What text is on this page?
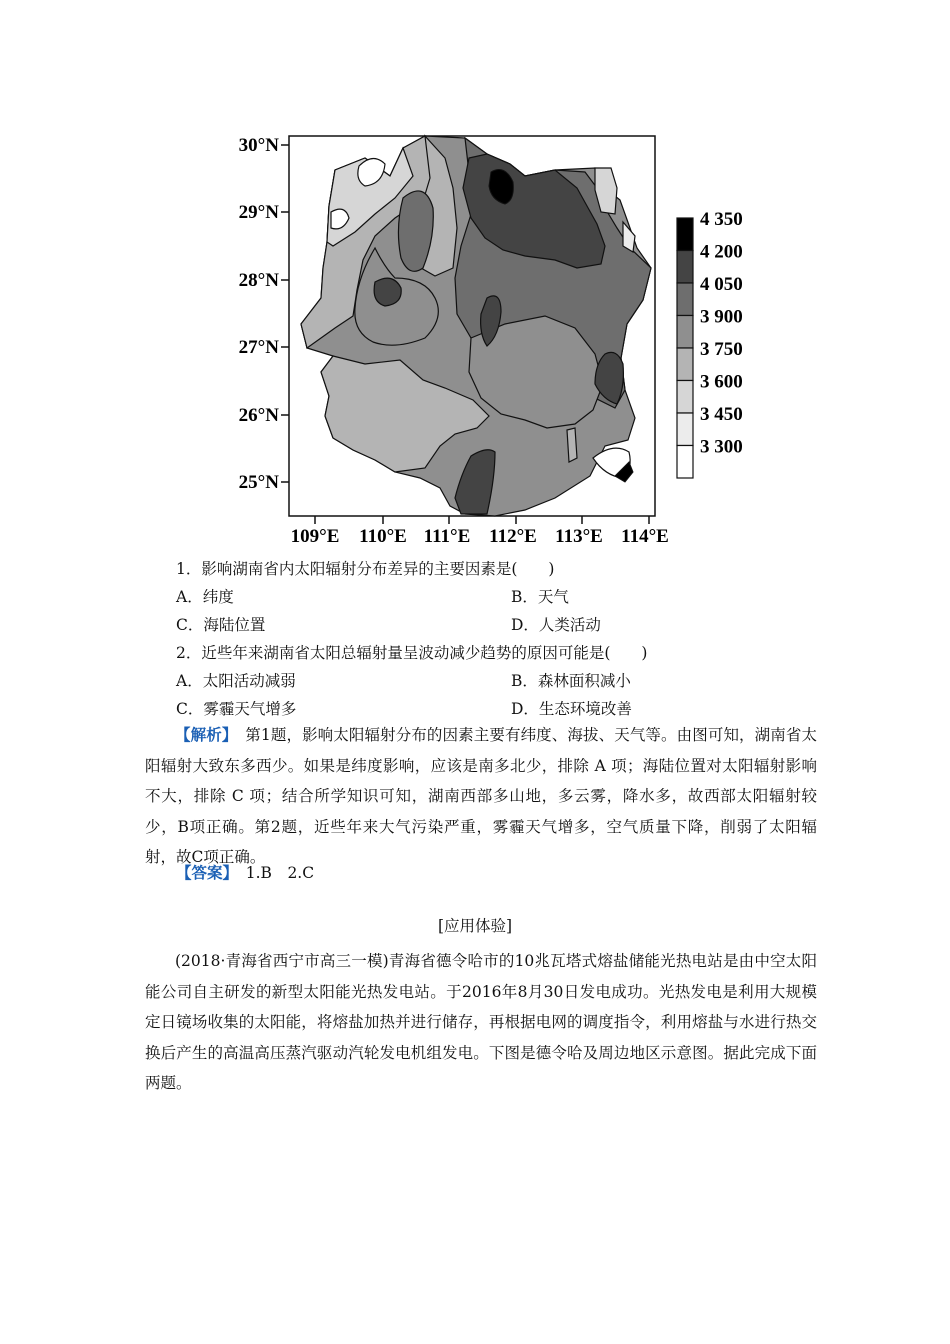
30°N
29°N
28°N
27°N
26°N
25°N
109°E 110°E 111°E 112°E 113°E 114°E
4 350
4 200
4 050
3 900
3 750
3 600
3 450
3 300
1．影响湖南省内太阳辐射分布差异的主要因素是(　　)
A．纬度	B．天气
C．海陆位置	D．人类活动
2．近些年来湖南省太阳总辐射量呈波动减少趋势的原因可能是(　　)
A．太阳活动减弱	B．森林面积减小
C．雾霾天气增多	D．生态环境改善
【解析】　第1题，影响太阳辐射分布的因素主要有纬度、海拔、天气等。由图可知，湖南省太阳辐射大致东多西少。如果是纬度影响，应该是南多北少，排除 A 项；海陆位置对太阳辐射影响不大，排除 C 项；结合所学知识可知，湖南西部多山地，多云雾，降水多，故西部太阳辐射较少，B项正确。第2题，近些年来大气污染严重，雾霾天气增多，空气质量下降，削弱了太阳辐射，故C项正确。
【答案】　1.B　2.C
[应用体验]
(2018·青海省西宁市高三一模)青海省德令哈市的10兆瓦塔式熔盐储能光热电站是由中空太阳能公司自主研发的新型太阳能光热发电站。于2016年8月30日发电成功。光热发电是利用大规模定日镜场收集的太阳能，将熔盐加热并进行储存，再根据电网的调度指令，利用熔盐与水进行热交换后产生的高温高压蒸汽驱动汽轮发电机组发电。下图是德令哈及周边地区示意图。据此完成下面两题。
